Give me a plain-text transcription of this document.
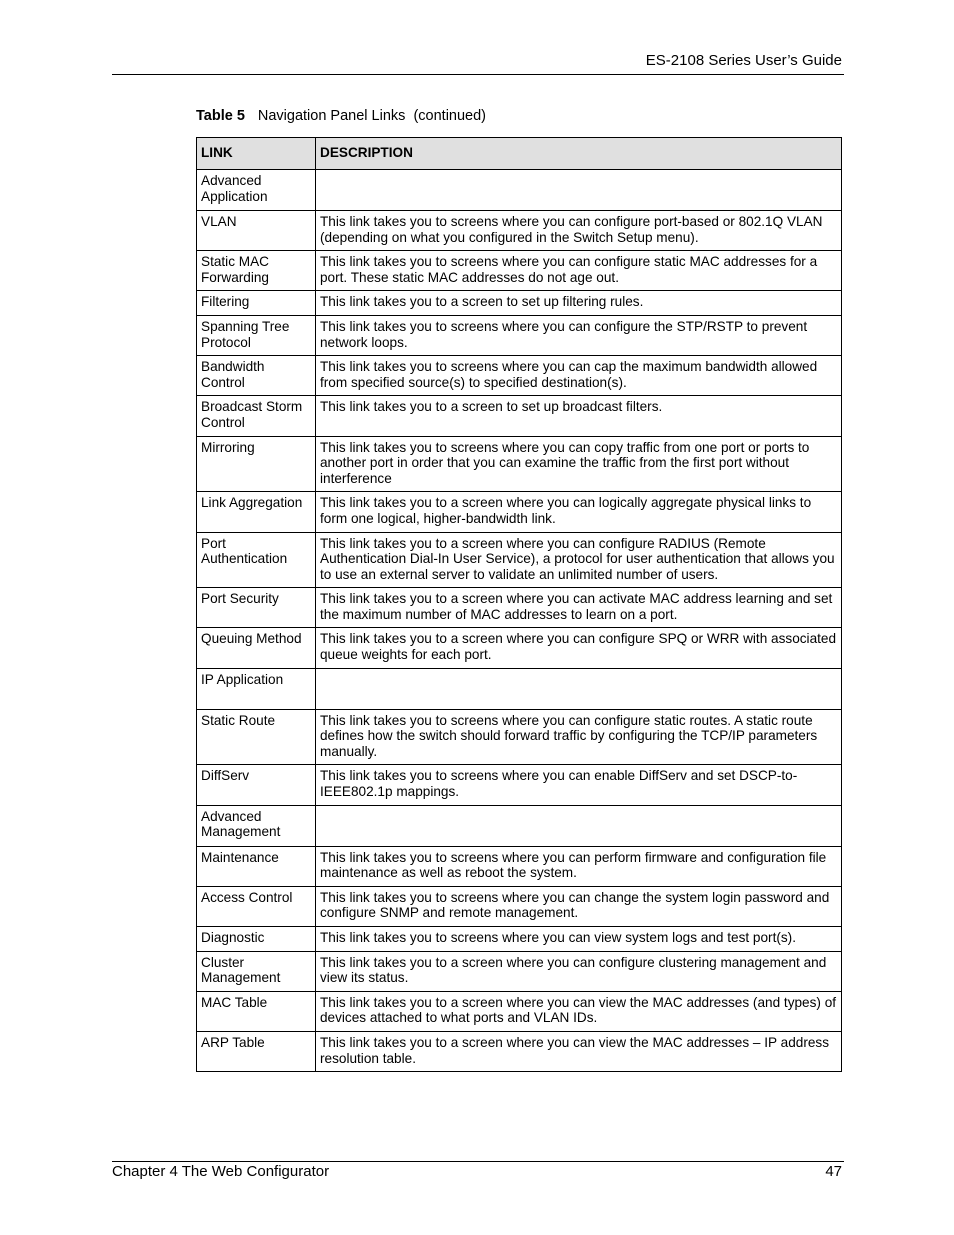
ES-2108 Series User’s Guide
Table 5 Navigation Panel Links  (continued)
LINK	DESCRIPTION
Advanced Application	
VLAN	This link takes you to screens where you can configure port-based or 802.1Q VLAN (depending on what you configured in the Switch Setup menu).
Static MAC Forwarding	This link takes you to screens where you can configure static MAC addresses for a port. These static MAC addresses do not age out.
Filtering	This link takes you to a screen to set up filtering rules.
Spanning Tree Protocol	This link takes you to screens where you can configure the STP/RSTP to prevent network loops.
Bandwidth Control	This link takes you to screens where you can cap the maximum bandwidth allowed from specified source(s) to specified destination(s).
Broadcast Storm Control	This link takes you to a screen to set up broadcast filters.
Mirroring	This link takes you to screens where you can copy traffic from one port or ports to another port in order that you can examine the traffic from the first port without interference
Link Aggregation	This link takes you to a screen where you can logically aggregate physical links to form one logical, higher-bandwidth link.
Port Authentication	This link takes you to a screen where you can configure RADIUS (Remote Authentication Dial-In User Service), a protocol for user authentication that allows you to use an external server to validate an unlimited number of users.
Port Security	This link takes you to a screen where you can activate MAC address learning and set the maximum number of MAC addresses to learn on a port.
Queuing Method	This link takes you to a screen where you can configure SPQ or WRR with associated queue weights for each port.
IP Application	
Static Route	This link takes you to screens where you can configure static routes. A static route defines how the switch should forward traffic by configuring the TCP/IP parameters manually.
DiffServ	This link takes you to screens where you can enable DiffServ and set DSCP-to-IEEE802.1p mappings.
Advanced Management	
Maintenance	This link takes you to screens where you can perform firmware and configuration file maintenance as well as reboot the system.
Access Control	This link takes you to screens where you can change the system login password and configure SNMP and remote management.
Diagnostic	This link takes you to screens where you can view system logs and test port(s).
Cluster Management	This link takes you to a screen where you can configure clustering management and view its status.
MAC Table	This link takes you to a screen where you can view the MAC addresses (and types) of devices attached to what ports and VLAN IDs.
ARP Table	This link takes you to a screen where you can view the MAC addresses – IP address resolution table.
Chapter 4 The Web Configurator	47
